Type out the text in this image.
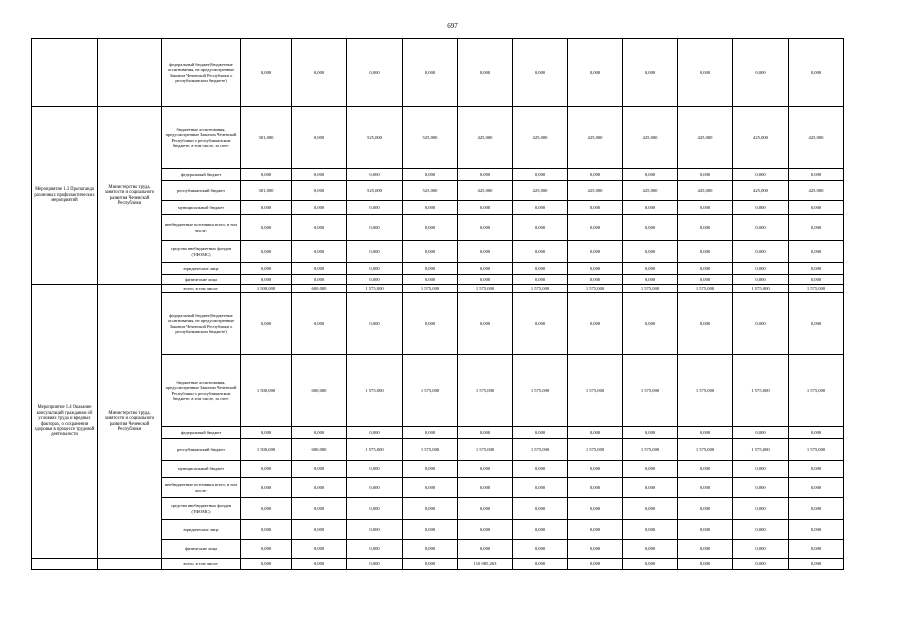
697
		федеральный бюджет(бюджетные ассигнования, не предусмотренные Законом Чеченской Республики о республиканском бюджете)	0,000	0,000	0,000	0,000	0,000	0,000	0,000	0,000	0,000	0,000	0,000
Мероприятие 1.3 Пропаганда различных профилактических мероприятий	Министерство труда, занятости и социального развития Чеченской Республики	бюджетные ассигнования, предусмотренные Законом Чеченской Республики о республиканском бюджете, в том числе, за счет:	301,000	0,000	525,000	525,000	425,000	425,000	425,000	425,000	425,000	425,000	425,000
		федеральный бюджет	0,000	0,000	0,000	0,000	0,000	0,000	0,000	0,000	0,000	0,000	0,000
		республиканский бюджет	301,000	0,000	525,000	525,000	425,000	425,000	425,000	425,000	425,000	425,000	425,000
		муниципальный бюджет	0,000	0,000	0,000	0,000	0,000	0,000	0,000	0,000	0,000	0,000	0,000
		внебюджетные источники всего, в том числе:	0,000	0,000	0,000	0,000	0,000	0,000	0,000	0,000	0,000	0,000	0,000
		средства внебюджетных фондов (ТФОМС)	0,000	0,000	0,000	0,000	0,000	0,000	0,000	0,000	0,000	0,000	0,000
		юридические лица	0,000	0,000	0,000	0,000	0,000	0,000	0,000	0,000	0,000	0,000	0,000
		физические лица	0,000	0,000	0,000	0,000	0,000	0,000	0,000	0,000	0,000	0,000	0,000
Мероприятие 1.4 Оказание консультаций гражданам об условиях труда и вредных факторах, о сохранении здоровья в процессе трудовой деятельности	Министерство труда, занятости и социального развития Чеченской Республики	всего, в том числе:	1 500,000	600,000	1 575,000	1 575,000	1 575,000	1 575,000	1 575,000	1 575,000	1 575,000	1 575,000	1 575,000
		федеральный бюджет(бюджетные ассигнования, не предусмотренные Законом Чеченской Республики о республиканском бюджете)	0,000	0,000	0,000	0,000	0,000	0,000	0,000	0,000	0,000	0,000	0,000
		бюджетные ассигнования, предусмотренные Законом Чеченской Республики о республиканском бюджете, в том числе, за счет:	1 500,000	600,000	1 575,000	1 575,000	1 575,000	1 575,000	1 575,000	1 575,000	1 575,000	1 575,000	1 575,000
		федеральный бюджет	0,000	0,000	0,000	0,000	0,000	0,000	0,000	0,000	0,000	0,000	0,000
		республиканский бюджет	1 500,000	600,000	1 575,000	1 575,000	1 575,000	1 575,000	1 575,000	1 575,000	1 575,000	1 575,000	1 575,000
		муниципальный бюджет	0,000	0,000	0,000	0,000	0,000	0,000	0,000	0,000	0,000	0,000	0,000
		внебюджетные источники всего, в том числе:	0,000	0,000	0,000	0,000	0,000	0,000	0,000	0,000	0,000	0,000	0,000
		средства внебюджетных фондов (ТФОМС)	0,000	0,000	0,000	0,000	0,000	0,000	0,000	0,000	0,000	0,000	0,000
		юридические лица	0,000	0,000	0,000	0,000	0,000	0,000	0,000	0,000	0,000	0,000	0,000
		физические лица	0,000	0,000	0,000	0,000	0,000	0,000	0,000	0,000	0,000	0,000	0,000
		всего, в том числе:	0,000	0,000	0,000	0,000	110 085,263	0,000	0,000	0,000	0,000	0,000	0,000
